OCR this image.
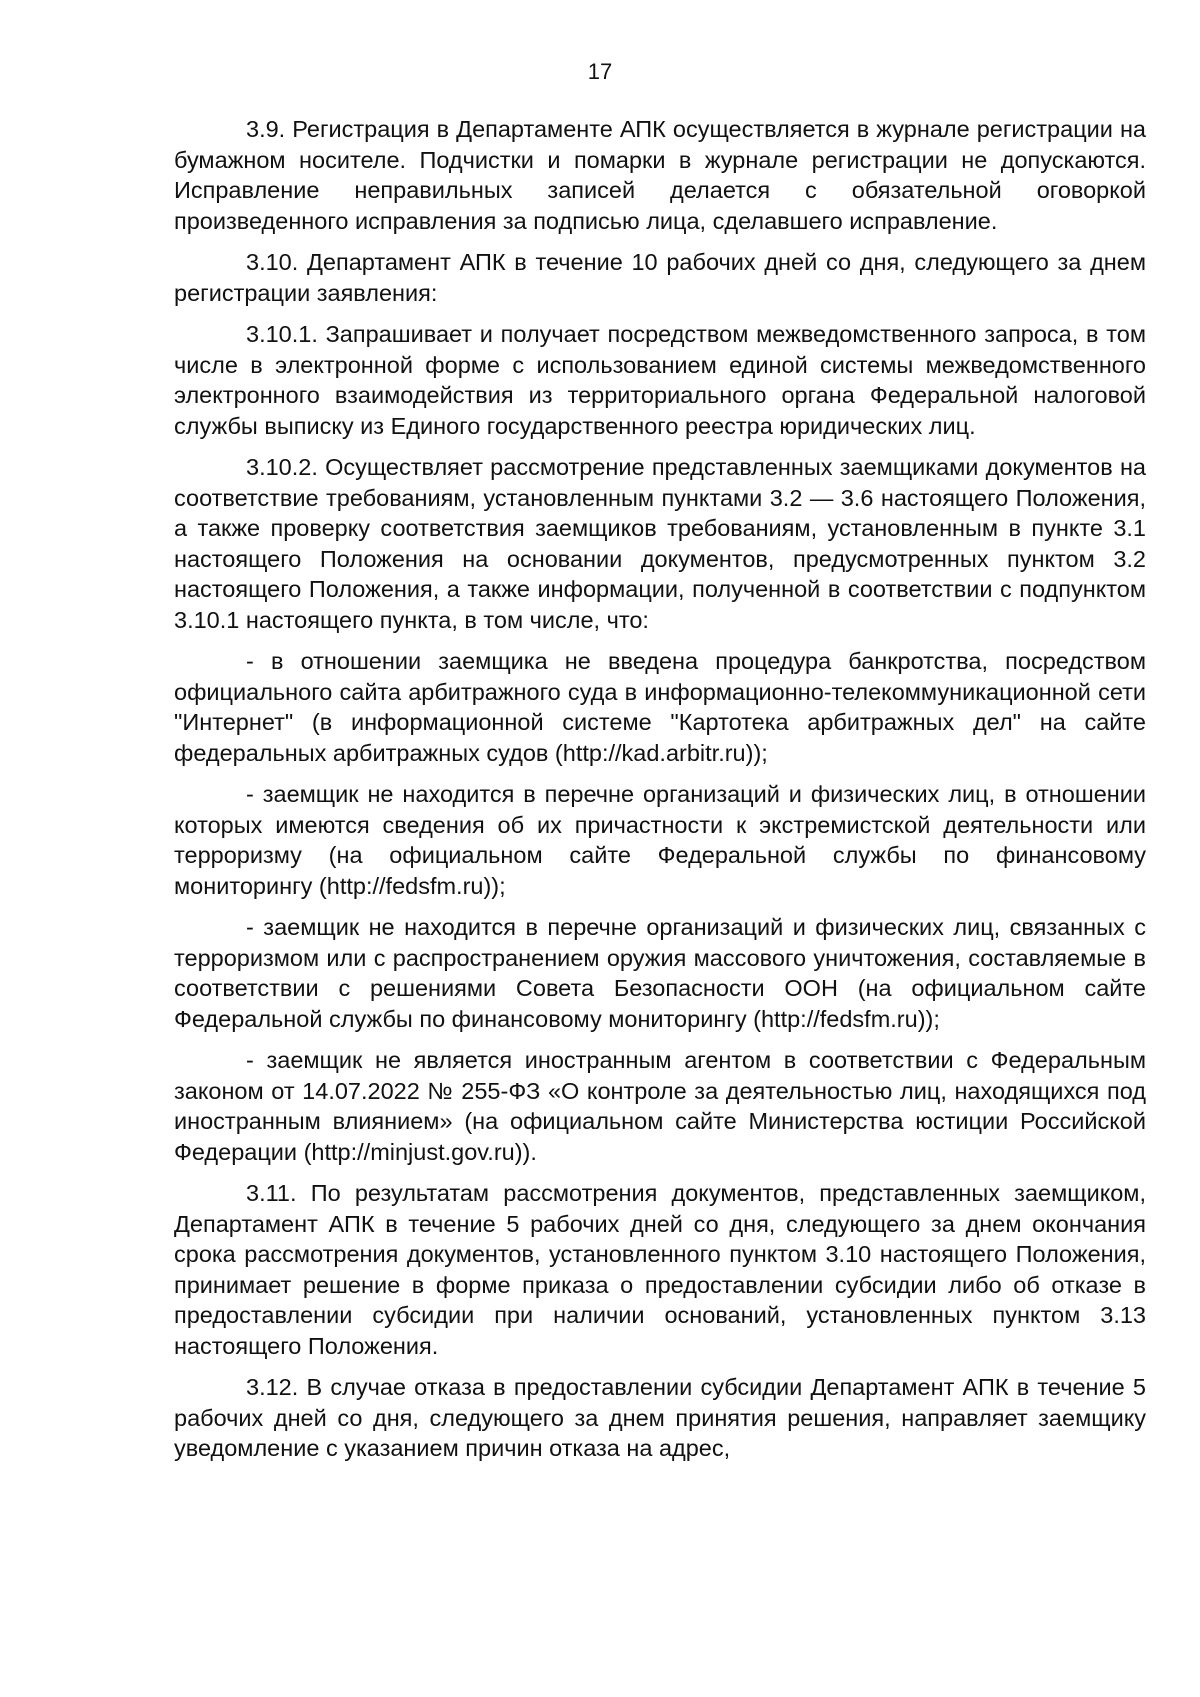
17

3.9. Регистрация в Департаменте АПК осуществляется в журнале регистрации на бумажном носителе. Подчистки и помарки в журнале регистрации не допускаются. Исправление неправильных записей делается с обязательной оговоркой произведенного исправления за подписью лица, сделавшего исправление.

3.10. Департамент АПК в течение 10 рабочих дней со дня, следующего за днем регистрации заявления:

3.10.1. Запрашивает и получает посредством межведомственного запроса, в том числе в электронной форме с использованием единой системы межведомственного электронного взаимодействия из территориального органа Федеральной налоговой службы выписку из Единого государственного реестра юридических лиц.

3.10.2. Осуществляет рассмотрение представленных заемщиками документов на соответствие требованиям, установленным пунктами 3.2 — 3.6 настоящего Положения, а также проверку соответствия заемщиков требованиям, установленным в пункте 3.1 настоящего Положения на основании документов, предусмотренных пунктом 3.2 настоящего Положения, а также информации, полученной в соответствии с подпунктом 3.10.1 настоящего пункта, в том числе, что:

- в отношении заемщика не введена процедура банкротства, посредством официального сайта арбитражного суда в информационно-телекоммуникационной сети "Интернет" (в информационной системе "Картотека арбитражных дел" на сайте федеральных арбитражных судов (http://kad.arbitr.ru));

- заемщик не находится в перечне организаций и физических лиц, в отношении которых имеются сведения об их причастности к экстремистской деятельности или терроризму (на официальном сайте Федеральной службы по финансовому мониторингу (http://fedsfm.ru));

- заемщик не находится в перечне организаций и физических лиц, связанных с терроризмом или с распространением оружия массового уничтожения, составляемые в соответствии с решениями Совета Безопасности ООН (на официальном сайте Федеральной службы по финансовому мониторингу (http://fedsfm.ru));

- заемщик не является иностранным агентом в соответствии с Федеральным законом от 14.07.2022 № 255-ФЗ «О контроле за деятельностью лиц, находящихся под иностранным влиянием» (на официальном сайте Министерства юстиции Российской Федерации (http://minjust.gov.ru)).

3.11. По результатам рассмотрения документов, представленных заемщиком, Департамент АПК в течение 5 рабочих дней со дня, следующего за днем окончания срока рассмотрения документов, установленного пунктом 3.10 настоящего Положения, принимает решение в форме приказа о предоставлении субсидии либо об отказе в предоставлении субсидии при наличии оснований, установленных пунктом 3.13 настоящего Положения.

3.12. В случае отказа в предоставлении субсидии Департамент АПК в течение 5 рабочих дней со дня, следующего за днем принятия решения, направляет заемщику уведомление с указанием причин отказа на адрес,
